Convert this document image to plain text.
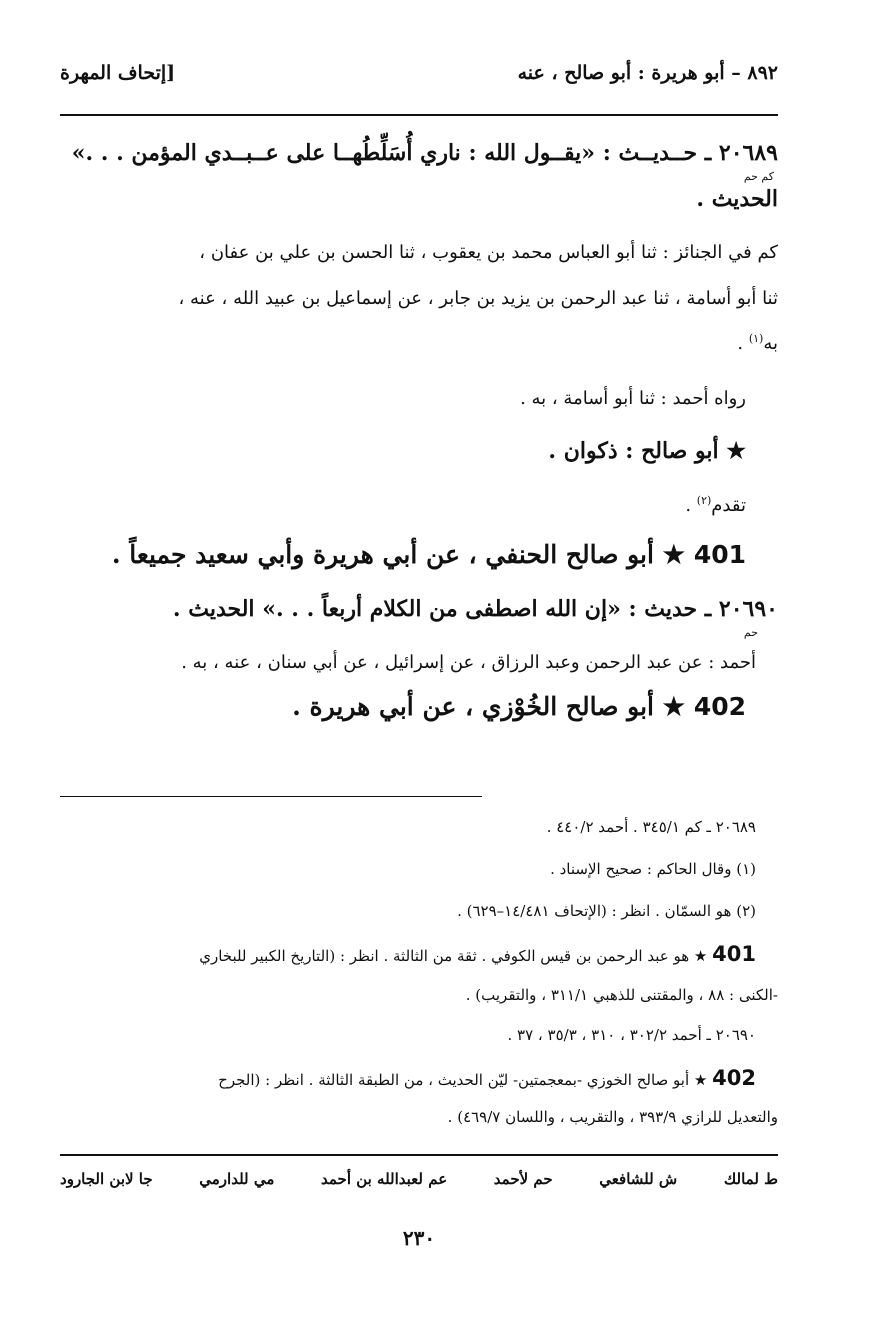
٨٩٢ – أبو هريرة : أبو صالح ، عنه
[إتحاف المهرة
٢٠٦٨٩ ـ حــديــث : «يقــول الله : ناري أُسَلِّطُهــا على عــبــدي المؤمن . . .»
كم حم
الحديث .
كم في الجنائز : ثنا أبو العباس محمد بن يعقوب ، ثنا الحسن بن علي بن عفان ،
ثنا أبو أسامة ، ثنا عبد الرحمن بن يزيد بن جابر ، عن إسماعيل بن عبيد الله ، عنه ،
به$^{(١)}$ .
رواه أحمد : ثنا أبو أسامة ، به .
★ أبو صالح : ذكوان .
تقدم$^{(٢)}$ .
401 ★ أبو صالح الحنفي ، عن أبي هريرة وأبي سعيد جميعاً .
٢٠٦٩٠ ـ حديث : «إن الله اصطفى من الكلام أربعاً . . .» الحديث .
حم
أحمد : عن عبد الرحمن وعبد الرزاق ، عن إسرائيل ، عن أبي سنان ، عنه ، به .
402 ★ أبو صالح الخُوْزي ، عن أبي هريرة .
٢٠٦٨٩ ـ كم ٣٤٥/١ . أحمد ٤٤٠/٢ .
(١) وقال الحاكم : صحيح الإسناد .
(٢) هو السمّان . انظر : (الإتحاف ١٤/٤٨١–٦٢٩) .
401 ★ هو عبد الرحمن بن قيس الكوفي . ثقة من الثالثة . انظر : (التاريخ الكبير للبخاري
-الكنى : ٨٨ ، والمقتنى للذهبي ٣١١/١ ، والتقريب) .
٢٠٦٩٠ ـ أحمد ٣٠٢/٢ ، ٣١٠ ، ٣٥/٣ ، ٣٧ .
402 ★ أبو صالح الخوزي -بمعجمتين- ليّن الحديث ، من الطبقة الثالثة . انظر : (الجرح
والتعديل للرازي ٣٩٣/٩ ، والتقريب ، واللسان ٤٦٩/٧) .
ط لمالك
ش للشافعي
حم لأحمد
عم لعبدالله بن أحمد
مي للدارمي
جا لابن الجارود
٢٣٠
